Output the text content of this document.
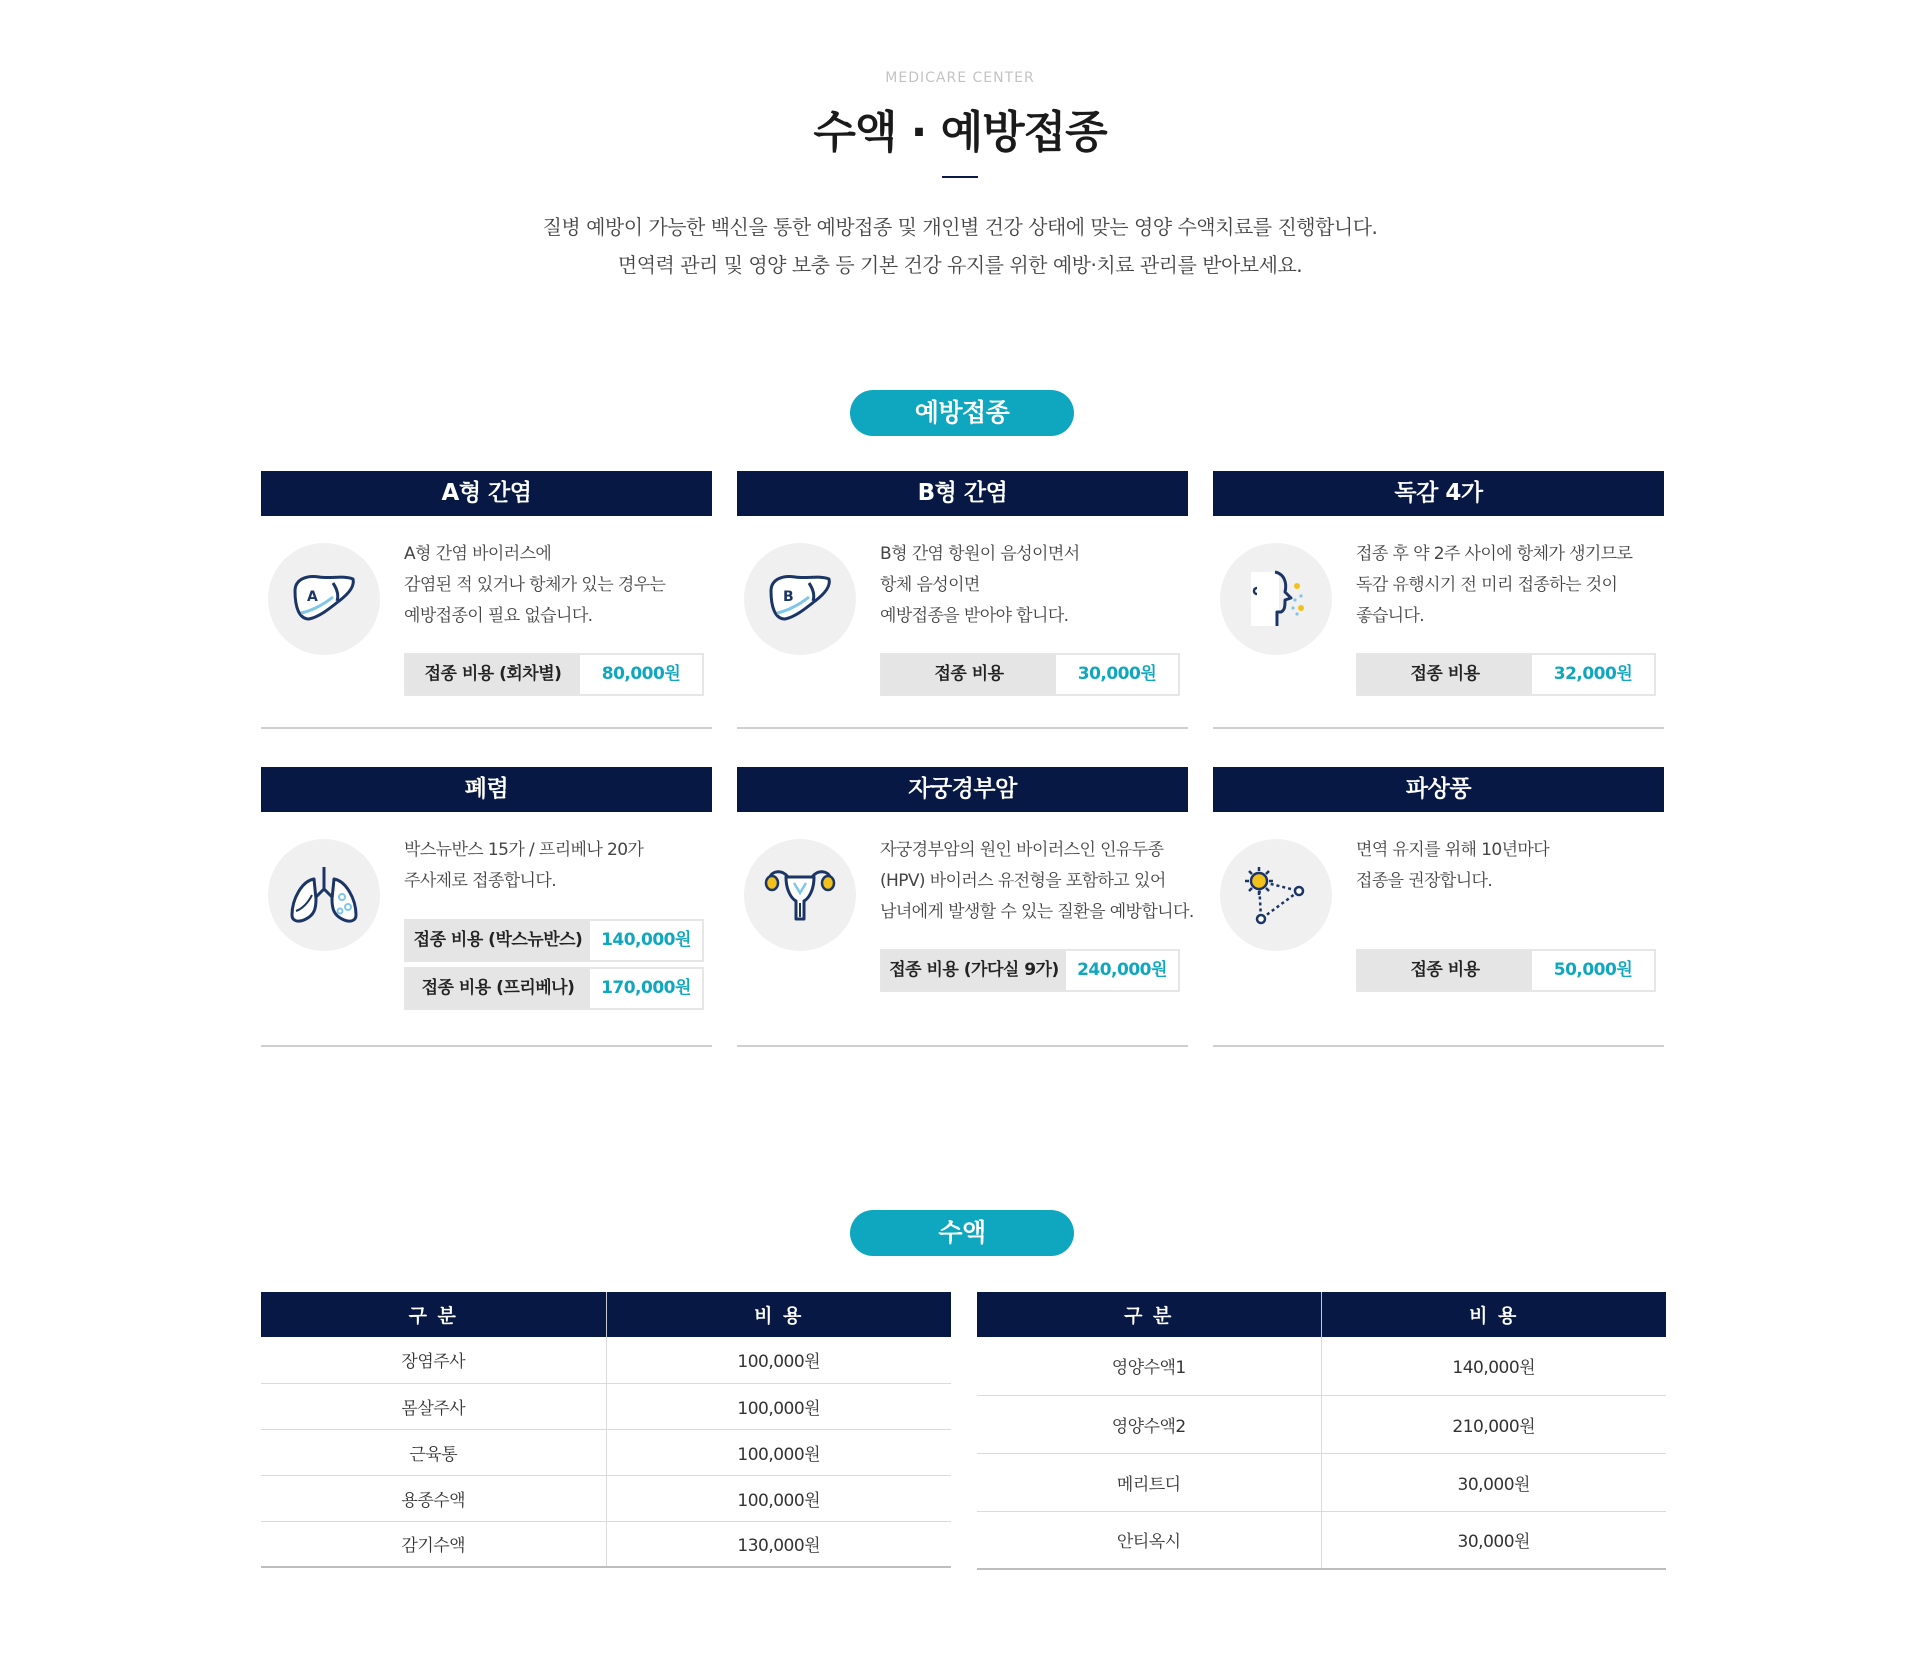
MEDICARE CENTER
수액 · 예방접종
질병 예방이 가능한 백신을 통한 예방접종 및 개인별 건강 상태에 맞는 영양 수액치료를 진행합니다.
면역력 관리 및 영양 보충 등 기본 건강 유지를 위한 예방·치료 관리를 받아보세요.
예방접종
A형 간염
A
A형 간염 바이러스에
감염된 적 있거나 항체가 있는 경우는
예방접종이 필요 없습니다.
접종 비용 (회차별)	80,000원
B형 간염
B
B형 간염 항원이 음성이면서
항체 음성이면
예방접종을 받아야 합니다.
접종 비용	30,000원
독감 4가
접종 후 약 2주 사이에 항체가 생기므로
독감 유행시기 전 미리 접종하는 것이
좋습니다.
접종 비용	32,000원
폐렴
박스뉴반스 15가 / 프리베나 20가
주사제로 접종합니다.
접종 비용 (박스뉴반스)	140,000원
접종 비용 (프리베나)	170,000원
자궁경부암
자궁경부암의 원인 바이러스인 인유두종
(HPV) 바이러스 유전형을 포함하고 있어
남녀에게 발생할 수 있는 질환을 예방합니다.
접종 비용 (가다실 9가)	240,000원
파상풍
면역 유지를 위해 10년마다
접종을 권장합니다.
접종 비용	50,000원
수액
구 분	비 용
장염주사	100,000원
몸살주사	100,000원
근육통	100,000원
용종수액	100,000원
감기수액	130,000원
구 분	비 용
영양수액1	140,000원
영양수액2	210,000원
메리트디	30,000원
안티옥시	30,000원
